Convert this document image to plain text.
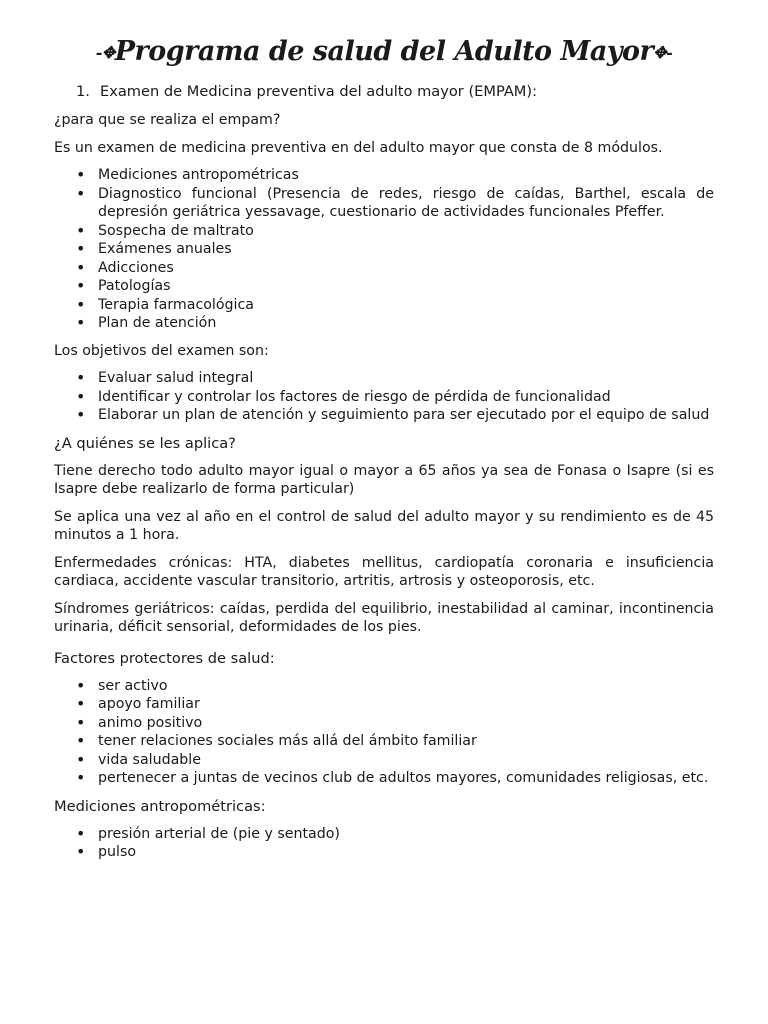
-✥Programa de salud del Adulto Mayor✥-
1. Examen de Medicina preventiva del adulto mayor (EMPAM):

¿para que se realiza el empam?

Es un examen de medicina preventiva en del adulto mayor que consta de 8 módulos.

• Mediciones antropométricas
• Diagnostico funcional (Presencia de redes, riesgo de caídas, Barthel, escala de depresión geriátrica yessavage, cuestionario de actividades funcionales Pfeffer.
• Sospecha de maltrato
• Exámenes anuales
• Adicciones
• Patologías
• Terapia farmacológica
• Plan de atención

Los objetivos del examen son:

• Evaluar salud integral
• Identificar y controlar los factores de riesgo de pérdida de funcionalidad
• Elaborar un plan de atención y seguimiento para ser ejecutado por el equipo de salud

¿A quiénes se les aplica?

Tiene derecho todo adulto mayor igual o mayor a 65 años ya sea de Fonasa o Isapre (si es Isapre debe realizarlo de forma particular)

Se aplica una vez al año en el control de salud del adulto mayor y su rendimiento es de 45 minutos a 1 hora.

Enfermedades crónicas: HTA, diabetes mellitus, cardiopatía coronaria e insuficiencia cardiaca, accidente vascular transitorio, artritis, artrosis y osteoporosis, etc.

Síndromes geriátricos: caídas, perdida del equilibrio, inestabilidad al caminar, incontinencia urinaria, déficit sensorial, deformidades de los pies.

Factores protectores de salud:

• ser activo
• apoyo familiar
• animo positivo
• tener relaciones sociales más allá del ámbito familiar
• vida saludable
• pertenecer a juntas de vecinos club de adultos mayores, comunidades religiosas, etc.

Mediciones antropométricas:

• presión arterial de (pie y sentado)
• pulso
